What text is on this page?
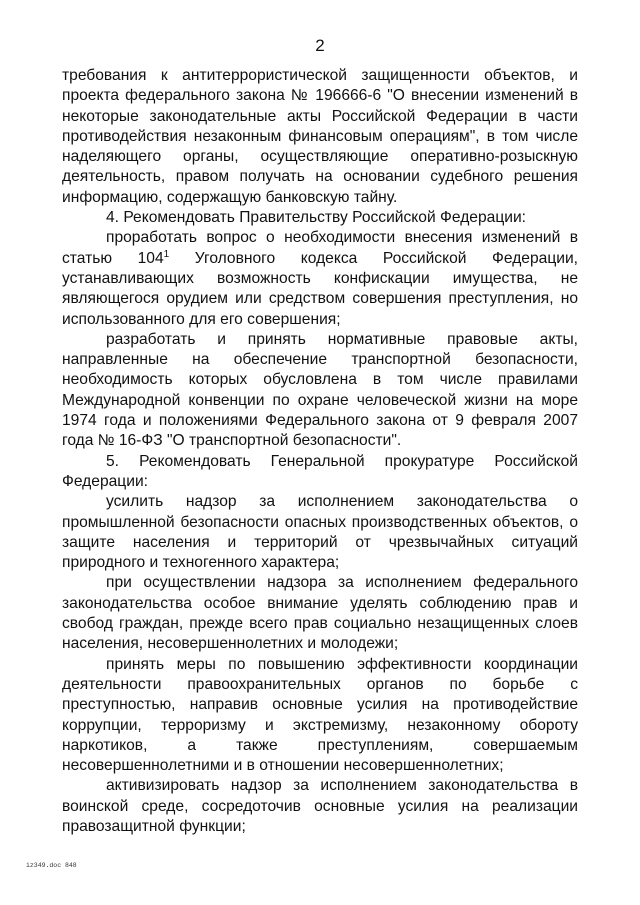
2

требования к антитеррористической защищенности объектов, и проекта федерального закона № 196666-6 "О внесении изменений в некоторые законодательные акты Российской Федерации в части противодействия незаконным финансовым операциям", в том числе наделяющего органы, осуществляющие оперативно-розыскную деятельность, правом получать на основании судебного решения информацию, содержащую банковскую тайну.

4. Рекомендовать Правительству Российской Федерации:

проработать вопрос о необходимости внесения изменений в статью $104^1$ Уголовного кодекса Российской Федерации, устанавливающих возможность конфискации имущества, не являющегося орудием или средством совершения преступления, но использованного для его совершения;

разработать и принять нормативные правовые акты, направленные на обеспечение транспортной безопасности, необходимость которых обусловлена в том числе правилами Международной конвенции по охране человеческой жизни на море 1974 года и положениями Федерального закона от 9 февраля 2007 года № 16-ФЗ "О транспортной безопасности".

5. Рекомендовать Генеральной прокуратуре Российской Федерации:

усилить надзор за исполнением законодательства о промышленной безопасности опасных производственных объектов, о защите населения и территорий от чрезвычайных ситуаций природного и техногенного характера;

при осуществлении надзора за исполнением федерального законодательства особое внимание уделять соблюдению прав и свобод граждан, прежде всего прав социально незащищенных слоев населения, несовершеннолетних и молодежи;

принять меры по повышению эффективности координации деятельности правоохранительных органов по борьбе с преступностью, направив основные усилия на противодействие коррупции, терроризму и экстремизму, незаконному обороту наркотиков, а также преступлениям, совершаемым несовершеннолетними и в отношении несовершеннолетних;

активизировать надзор за исполнением законодательства в воинской среде, сосредоточив основные усилия на реализации правозащитной функции;

iz349.doc 848
